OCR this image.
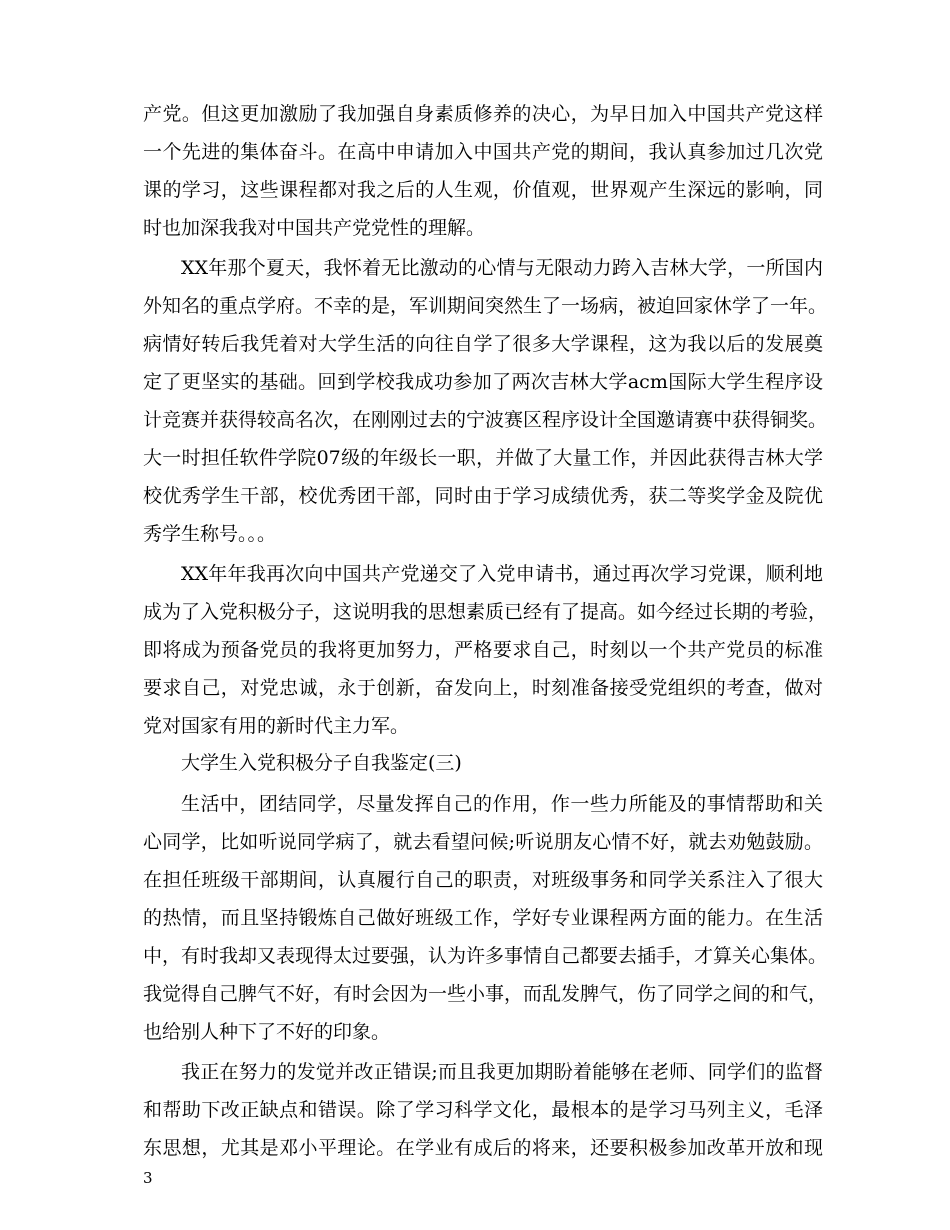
产党。但这更加激励了我加强自身素质修养的决心，为早日加入中国共产党这样
一个先进的集体奋斗。在高中申请加入中国共产党的期间，我认真参加过几次党
课的学习，这些课程都对我之后的人生观，价值观，世界观产生深远的影响，同
时也加深我我对中国共产党党性的理解。
XX年那个夏天，我怀着无比激动的心情与无限动力跨入吉林大学，一所国内
外知名的重点学府。不幸的是，军训期间突然生了一场病，被迫回家休学了一年。
病情好转后我凭着对大学生活的向往自学了很多大学课程，这为我以后的发展奠
定了更坚实的基础。回到学校我成功参加了两次吉林大学acm国际大学生程序设
计竞赛并获得较高名次，在刚刚过去的宁波赛区程序设计全国邀请赛中获得铜奖。
大一时担任软件学院07级的年级长一职，并做了大量工作，并因此获得吉林大学
校优秀学生干部，校优秀团干部，同时由于学习成绩优秀，获二等奖学金及院优
秀学生称号。。。
XX年年我再次向中国共产党递交了入党申请书，通过再次学习党课，顺利地
成为了入党积极分子，这说明我的思想素质已经有了提高。如今经过长期的考验，
即将成为预备党员的我将更加努力，严格要求自己，时刻以一个共产党员的标准
要求自己，对党忠诚，永于创新，奋发向上，时刻准备接受党组织的考查，做对
党对国家有用的新时代主力军。
大学生入党积极分子自我鉴定(三)
生活中，团结同学，尽量发挥自己的作用，作一些力所能及的事情帮助和关
心同学，比如听说同学病了，就去看望问候;听说朋友心情不好，就去劝勉鼓励。
在担任班级干部期间，认真履行自己的职责，对班级事务和同学关系注入了很大
的热情，而且坚持锻炼自己做好班级工作，学好专业课程两方面的能力。在生活
中，有时我却又表现得太过要强，认为许多事情自己都要去插手，才算关心集体。
我觉得自己脾气不好，有时会因为一些小事，而乱发脾气，伤了同学之间的和气，
也给别人种下了不好的印象。
我正在努力的发觉并改正错误;而且我更加期盼着能够在老师、同学们的监督
和帮助下改正缺点和错误。除了学习科学文化，最根本的是学习马列主义，毛泽
东思想，尤其是邓小平理论。在学业有成后的将来，还要积极参加改革开放和现
3
